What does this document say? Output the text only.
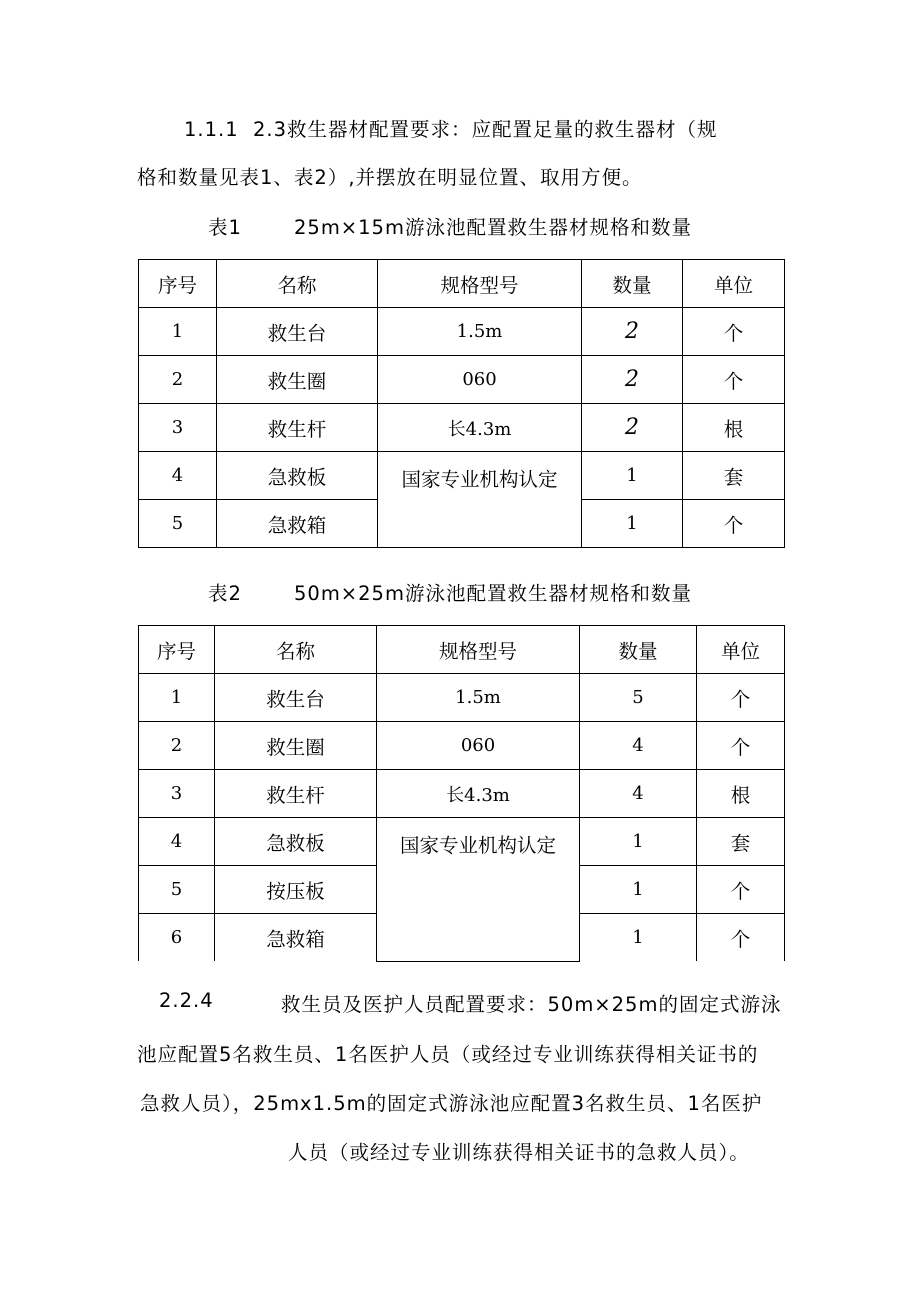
1.1.1  2.3救生器材配置要求：应配置足量的救生器材（规
格和数量见表1、表2）,并摆放在明显位置、取用方便。
表1	25m×15m游泳池配置救生器材规格和数量
序号	名称	规格型号	数量	单位
1	救生台	1.5m	2	个
2	救生圈	060	2	个
3	救生杆	长4.3m	2	根
4	急救板	国家专业机构认定	1	套
5	急救箱		1	个
表2	50m×25m游泳池配置救生器材规格和数量
序号	名称	规格型号	数量	单位
1	救生台	1.5m	5	个
2	救生圈	060	4	个
3	救生杆	长4.3m	4	根
4	急救板	国家专业机构认定	1	套
5	按压板		1	个
6	急救箱		1	个
2.2.4	救生员及医护人员配置要求：50m×25m的固定式游泳
池应配置5名救生员、1名医护人员（或经过专业训练获得相关证书的
急救人员），25mx1.5m的固定式游泳池应配置3名救生员、1名医护
人员（或经过专业训练获得相关证书的急救人员）。
